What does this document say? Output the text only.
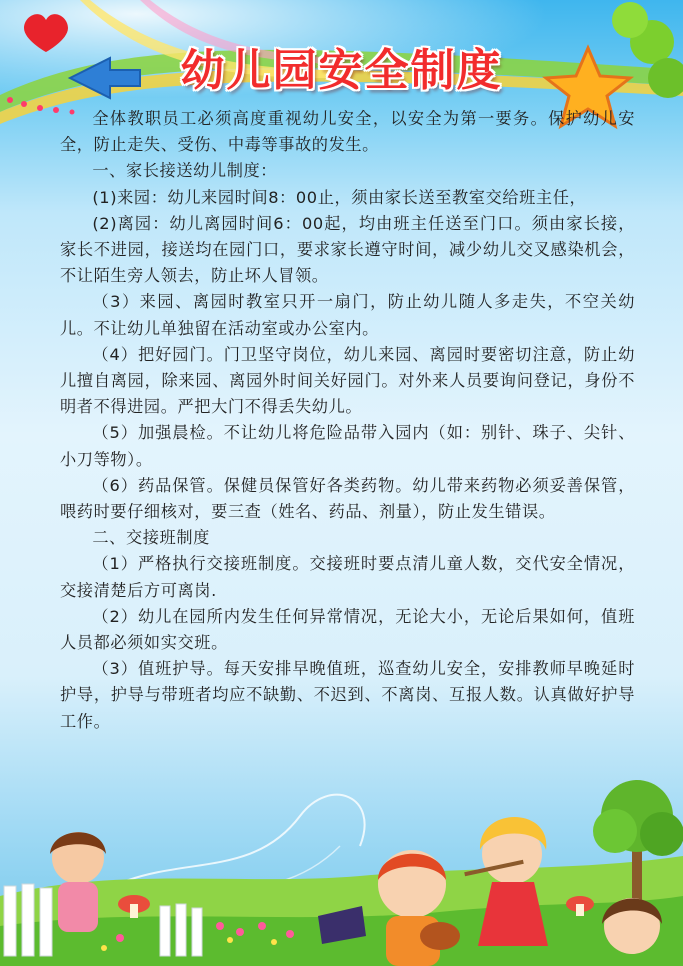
幼儿园安全制度

全体教职员工必须高度重视幼儿安全，以安全为第一要务。保护幼儿安全，防止走失、受伤、中毒等事故的发生。

一、家长接送幼儿制度：

(1)来园：幼儿来园时间8：00止，须由家长送至教室交给班主任，

(2)离园：幼儿离园时间6：00起，均由班主任送至门口。须由家长接，家长不进园，接送均在园门口，要求家长遵守时间，减少幼儿交叉感染机会，不让陌生旁人领去，防止坏人冒领。

（3）来园、离园时教室只开一扇门，防止幼儿随人多走失，不空关幼儿。不让幼儿单独留在活动室或办公室内。

（4）把好园门。门卫坚守岗位，幼儿来园、离园时要密切注意，防止幼儿擅自离园，除来园、离园外时间关好园门。对外来人员要询问登记，身份不明者不得进园。严把大门不得丢失幼儿。

（5）加强晨检。不让幼儿将危险品带入园内（如：别针、珠子、尖针、小刀等物）。

（6）药品保管。保健员保管好各类药物。幼儿带来药物必须妥善保管，喂药时要仔细核对，要三查（姓名、药品、剂量），防止发生错误。

二、交接班制度

（1）严格执行交接班制度。交接班时要点清儿童人数，交代安全情况，交接清楚后方可离岗.

（2）幼儿在园所内发生任何异常情况，无论大小，无论后果如何，值班人员都必须如实交班。

（3）值班护导。每天安排早晚值班，巡查幼儿安全，安排教师早晚延时护导，护导与带班者均应不缺勤、不迟到、不离岗、互报人数。认真做好护导工作。
